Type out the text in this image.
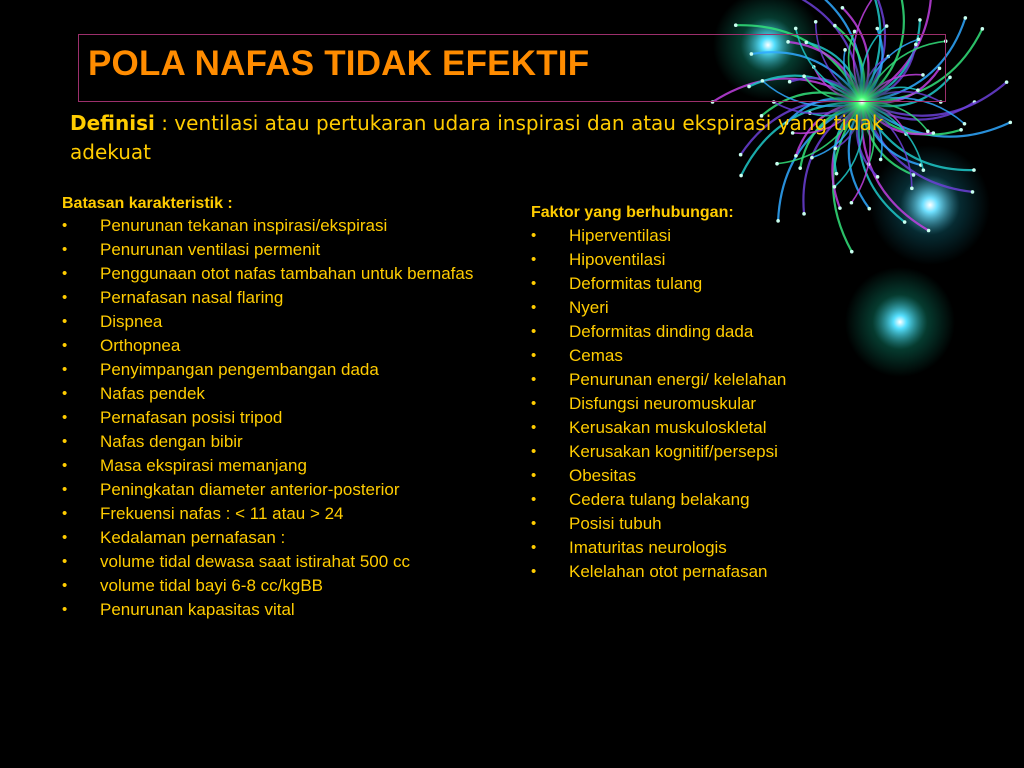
POLA NAFAS TIDAK EFEKTIF

Definisi : ventilasi atau pertukaran udara inspirasi dan atau ekspirasi yang tidak adekuat

Batasan karakteristik :
• Penurunan tekanan inspirasi/ekspirasi
• Penurunan ventilasi permenit
• Penggunaan otot nafas tambahan untuk bernafas
• Pernafasan nasal flaring
• Dispnea
• Orthopnea
• Penyimpangan pengembangan dada
• Nafas pendek
• Pernafasan posisi tripod
• Nafas dengan bibir
• Masa ekspirasi memanjang
• Peningkatan diameter anterior-posterior
• Frekuensi nafas : < 11 atau > 24
• Kedalaman pernafasan :
• volume tidal dewasa saat istirahat 500 cc
• volume tidal bayi 6-8 cc/kgBB
• Penurunan kapasitas vital
Faktor yang berhubungan:
• Hiperventilasi
• Hipoventilasi
• Deformitas tulang
• Nyeri
• Deformitas dinding dada
• Cemas
• Penurunan energi/ kelelahan
• Disfungsi neuromuskular
• Kerusakan muskuloskletal
• Kerusakan kognitif/persepsi
• Obesitas
• Cedera tulang belakang
• Posisi tubuh
• Imaturitas neurologis
• Kelelahan otot pernafasan
